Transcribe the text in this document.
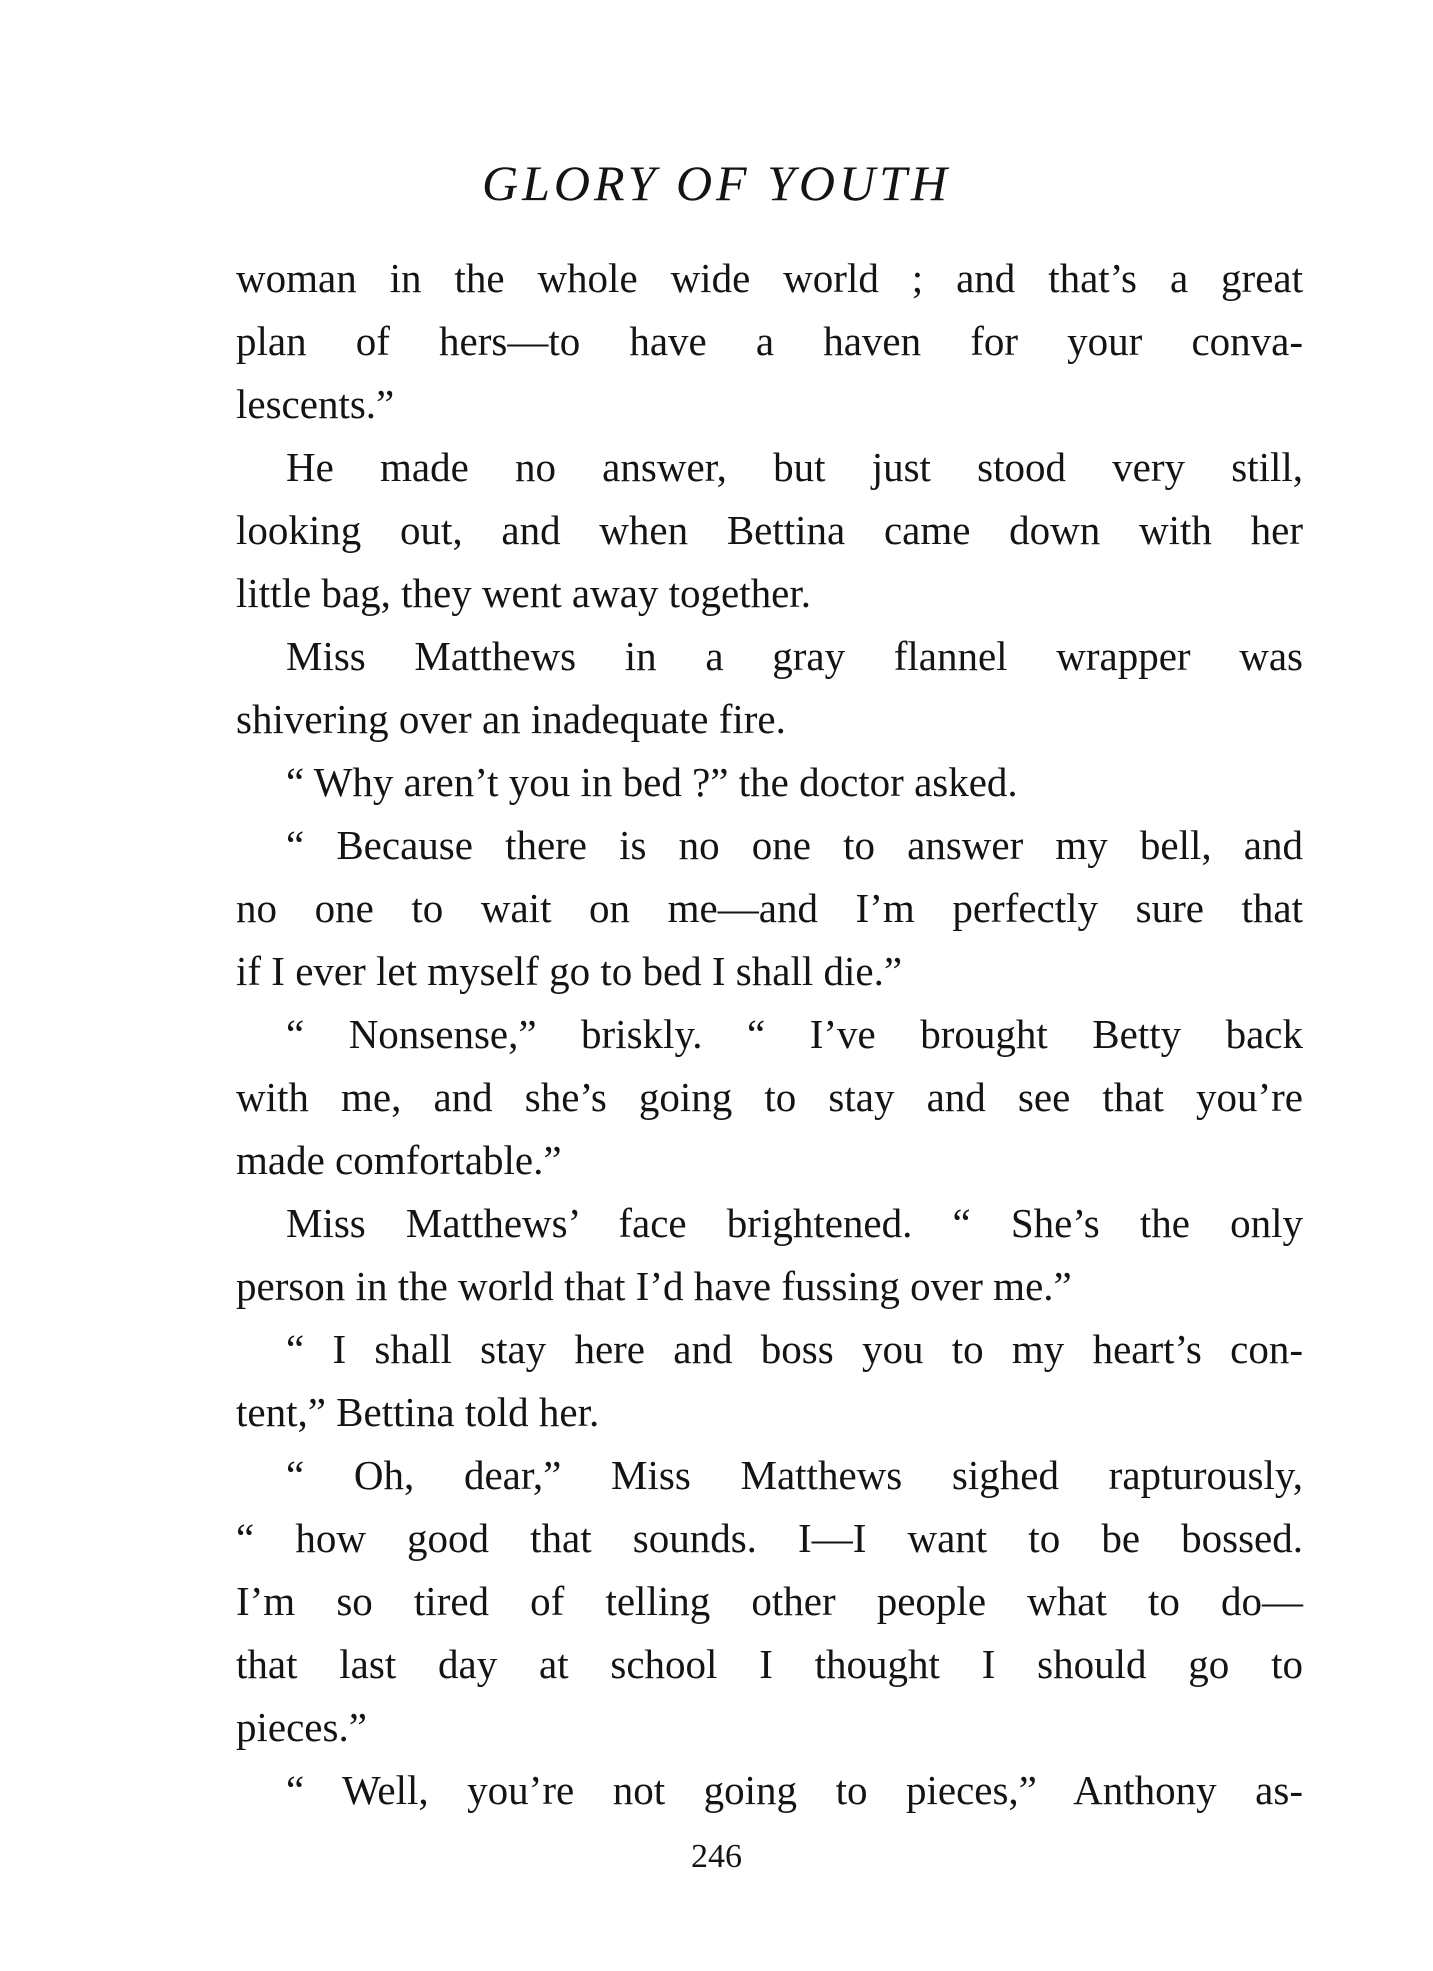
GLORY OF YOUTH
woman in the whole wide world ; and that’s a great
plan of hers—to have a haven for your conva-
lescents.”
He made no answer, but just stood very still,
looking out, and when Bettina came down with her
little bag, they went away together.
Miss Matthews in a gray flannel wrapper was
shivering over an inadequate fire.
“ Why aren’t you in bed ?” the doctor asked.
“ Because there is no one to answer my bell, and
no one to wait on me—and I’m perfectly sure that
if I ever let myself go to bed I shall die.”
“ Nonsense,” briskly. “ I’ve brought Betty back
with me, and she’s going to stay and see that you’re
made comfortable.”
Miss Matthews’ face brightened. “ She’s the only
person in the world that I’d have fussing over me.”
“ I shall stay here and boss you to my heart’s con-
tent,” Bettina told her.
“ Oh, dear,” Miss Matthews sighed rapturously,
“ how good that sounds. I—I want to be bossed.
I’m so tired of telling other people what to do—
that last day at school I thought I should go to
pieces.”
“ Well, you’re not going to pieces,” Anthony as-
246
